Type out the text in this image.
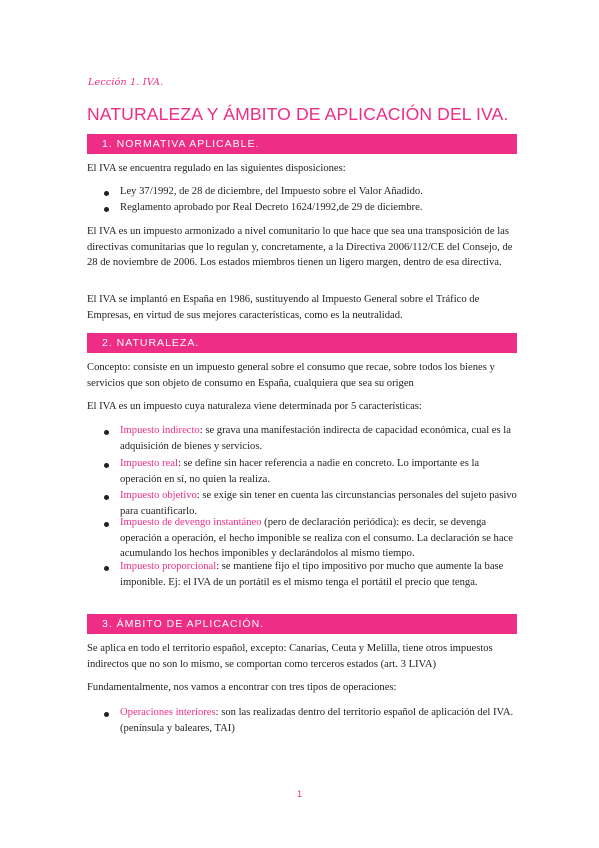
Lección 1. IVA.
NATURALEZA Y ÁMBITO DE APLICACIÓN DEL IVA.
1. NORMATIVA APLICABLE.

El IVA se encuentra regulado en las siguientes disposiciones:

Ley 37/1992, de 28 de diciembre, del Impuesto sobre el Valor Añadido.
Reglamento aprobado por Real Decreto 1624/1992,de 29 de diciembre.

El IVA es un impuesto armonizado a nivel comunitario lo que hace que sea una transposición de las directivas comunitarias que lo regulan y, concretamente, a la Directiva 2006/112/CE del Consejo, de 28 de noviembre de 2006. Los estados miembros tienen un ligero margen, dentro de esa directiva.

El IVA se implantó en España en 1986, sustituyendo al Impuesto General sobre el Tráfico de Empresas, en virtud de sus mejores características, como es la neutralidad.

2. NATURALEZA.

Concepto: consiste en un impuesto general sobre el consumo que recae, sobre todos los bienes y servicios que son objeto de consumo en España, cualquiera que sea su origen

El IVA es un impuesto cuya naturaleza viene determinada por 5 características:

Impuesto indirecto: se grava una manifestación indirecta de capacidad económica, cual es la adquisición de bienes y servicios.
Impuesto real: se define sin hacer referencia a nadie en concreto. Lo importante es la operación en sí, no quien la realiza.
Impuesto objetivo: se exige sin tener en cuenta las circunstancias personales del sujeto pasivo para cuantificarlo.
Impuesto de devengo instantáneo (pero de declaración periódica): es decir, se devenga operación a operación, el hecho imponible se realiza con el consumo. La declaración se hace acumulando los hechos imponibles y declarándolos al mismo tiempo.
Impuesto proporcional: se mantiene fijo el tipo impositivo por mucho que aumente la base imponible. Ej: el IVA de un portátil es el mismo tenga el portátil el precio que tenga.
3. ÁMBITO DE APLICACIÓN.

Se aplica en todo el territorio español, excepto: Canarias, Ceuta y Melilla, tiene otros impuestos indirectos que no son lo mismo, se comportan como terceros estados (art. 3 LIVA)

Fundamentalmente, nos vamos a encontrar con tres tipos de operaciones:

Operaciones interiores: son las realizadas dentro del territorio español de aplicación del IVA. (península y baleares, TAI)
1
